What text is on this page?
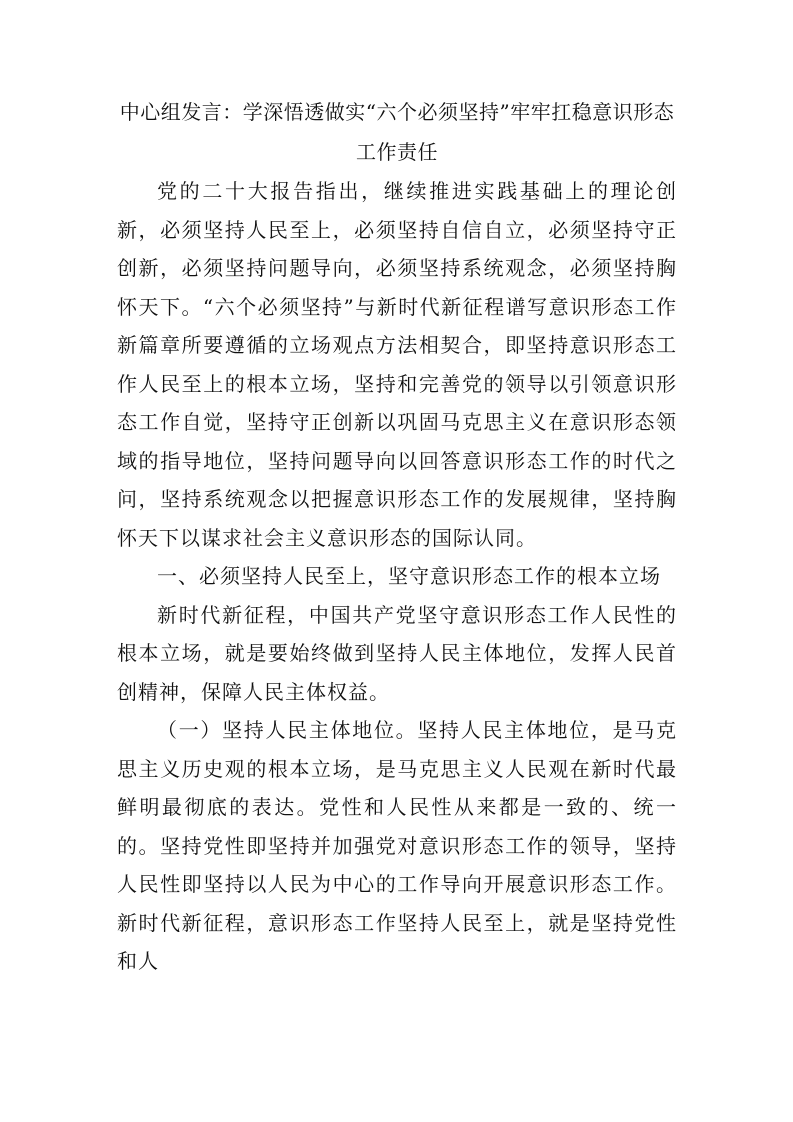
中心组发言：学深悟透做实“六个必须坚持”牢牢扛稳意识形态工作责任

党的二十大报告指出，继续推进实践基础上的理论创新，必须坚持人民至上，必须坚持自信自立，必须坚持守正创新，必须坚持问题导向，必须坚持系统观念，必须坚持胸怀天下。“六个必须坚持”与新时代新征程谱写意识形态工作新篇章所要遵循的立场观点方法相契合，即坚持意识形态工作人民至上的根本立场，坚持和完善党的领导以引领意识形态工作自觉，坚持守正创新以巩固马克思主义在意识形态领域的指导地位，坚持问题导向以回答意识形态工作的时代之问，坚持系统观念以把握意识形态工作的发展规律，坚持胸怀天下以谋求社会主义意识形态的国际认同。

一、必须坚持人民至上，坚守意识形态工作的根本立场

新时代新征程，中国共产党坚守意识形态工作人民性的根本立场，就是要始终做到坚持人民主体地位，发挥人民首创精神，保障人民主体权益。

（一）坚持人民主体地位。坚持人民主体地位，是马克思主义历史观的根本立场，是马克思主义人民观在新时代最鲜明最彻底的表达。党性和人民性从来都是一致的、统一的。坚持党性即坚持并加强党对意识形态工作的领导，坚持人民性即坚持以人民为中心的工作导向开展意识形态工作。新时代新征程，意识形态工作坚持人民至上，就是坚持党性和人
